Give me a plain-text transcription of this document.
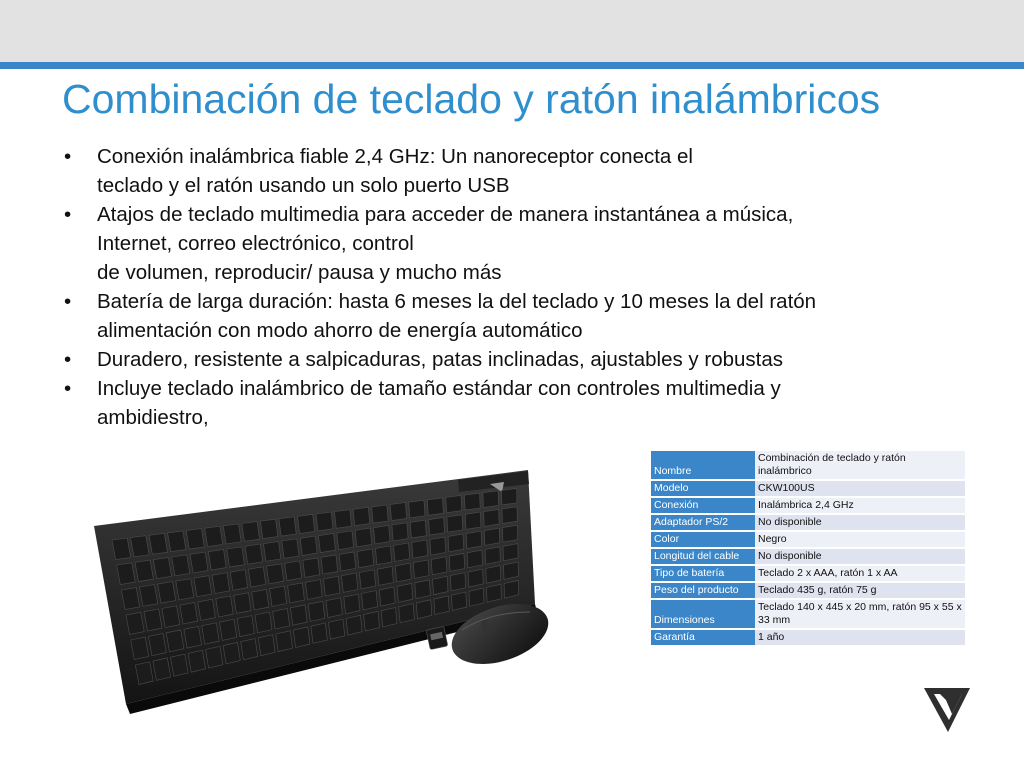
Combinación de teclado y ratón inalámbricos
•	Conexión inalámbrica fiable 2,4 GHz: Un nanoreceptor conecta el
teclado y el ratón usando un solo puerto USB
•	Atajos de teclado multimedia para acceder de manera instantánea a música,
Internet, correo electrónico, control
de volumen, reproducir/ pausa y mucho más
•	Batería de larga duración: hasta 6 meses la del teclado y 10 meses la del ratón
alimentación con modo ahorro de energía automático
•	Duradero, resistente a salpicaduras, patas inclinadas, ajustables y robustas
•	Incluye teclado inalámbrico de tamaño estándar con controles multimedia y
ambidiestro,
Nombre	Combinación de teclado y ratón inalámbrico

Modelo	CKW100US

Conexión	Inalámbrica 2,4 GHz

Adaptador PS/2	No disponible

Color	Negro

Longitud del cable	No disponible

Tipo de batería	Teclado 2 x AAA, ratón 1 x AA

Peso del producto	Teclado 435 g, ratón 75 g

Dimensiones	Teclado 140 x 445 x 20 mm, ratón 95 x 55 x 33 mm

Garantía	1 año
